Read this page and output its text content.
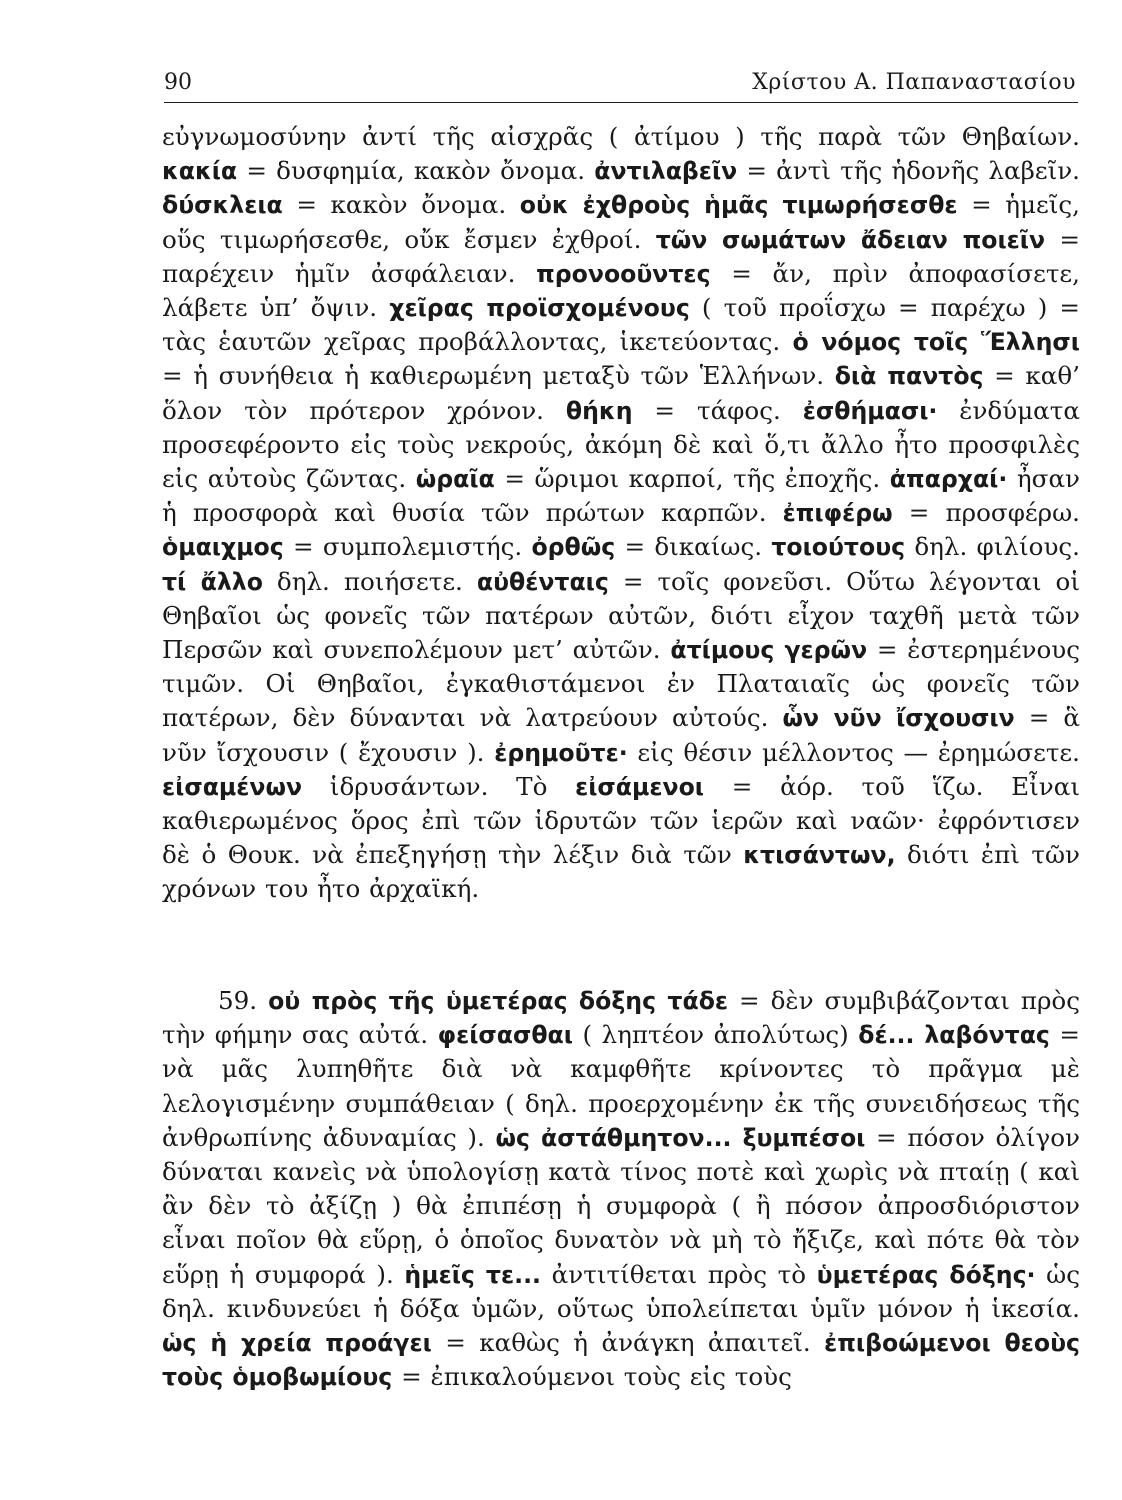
90	Χρίστου Α. Παπαναστασίου
εὐγνωμοσύνην ἀντί τῆς αἰσχρᾶς ( ἀτίμου ) τῆς παρὰ τῶν Θηβαίων. κακία = δυσφημία, κακὸν ὄνομα. ἀντιλαβεῖν = ἀντὶ τῆς ἡδονῆς λαβεῖν. δύσκλεια = κακὸν ὄνομα. οὐκ ἐχθροὺς ἡμᾶς τιμωρήσεσθε = ἡμεῖς, οὕς τιμωρήσεσθε, οὔκ ἔσμεν ἐχθροί. τῶν σωμάτων ἄδειαν ποιεῖν = παρέχειν ἡμῖν ἀσφάλειαν. προνοοῦντες = ἄν, πρὶν ἀποφασίσετε, λάβετε ὑπ’ ὄψιν. χεῖρας προϊσχομένους ( τοῦ προΐσχω = παρέχω ) = τὰς ἑαυτῶν χεῖρας προβάλλοντας, ἱκετεύοντας. ὁ νόμος τοῖς Ἕλλησι = ἡ συνήθεια ἡ καθιερωμένη μεταξὺ τῶν Ἑλλήνων. διὰ παντὸς = καθ’ ὅλον τὸν πρότερον χρόνον. θήκη = τάφος. ἐσθήμασι· ἐνδύματα προσεφέροντο εἰς τοὺς νεκρούς, ἀκόμη δὲ καὶ ὅ,τι ἄλλο ἦτο προσφιλὲς εἰς αὐτοὺς ζῶντας. ὡραῖα = ὥριμοι καρποί, τῆς ἐποχῆς. ἀπαρχαί· ἦσαν ἡ προσφορὰ καὶ θυσία τῶν πρώτων καρπῶν. ἐπιφέρω = προσφέρω. ὁμαιχμος = συμπολεμιστής. ὀρθῶς = δικαίως. τοιούτους δηλ. φιλίους. τί ἄλλο δηλ. ποιήσετε. αὐθένταις = τοῖς φονεῦσι. Οὕτω λέγονται οἱ Θηβαῖοι ὡς φονεῖς τῶν πατέρων αὐτῶν, διότι εἶχον ταχθῆ μετὰ τῶν Περσῶν καὶ συνεπολέμουν μετ’ αὐτῶν. ἀτίμους γερῶν = ἐστερημένους τιμῶν. Οἱ Θηβαῖοι, ἐγκαθιστάμενοι ἐν Πλαταιαῖς ὡς φονεῖς τῶν πατέρων, δὲν δύνανται νὰ λατρεύουν αὐτούς. ὧν νῦν ἴσχουσιν = ἃ νῦν ἴσχουσιν ( ἔχουσιν ). ἐρημοῦτε· εἰς θέσιν μέλλοντος — ἐρημώσετε. εἰσαμένων ἱδρυσάντων. Τὸ εἰσάμενοι = ἀόρ. τοῦ ἵζω. Εἶναι καθιερωμένος ὅρος ἐπὶ τῶν ἱδρυτῶν τῶν ἱερῶν καὶ ναῶν· ἐφρόντισεν δὲ ὁ Θουκ. νὰ ἐπεξηγήσῃ τὴν λέξιν διὰ τῶν κτισάντων, διότι ἐπὶ τῶν χρόνων του ἦτο ἀρχαϊκή.
59. οὐ πρὸς τῆς ὑμετέρας δόξης τάδε = δὲν συμβιβάζονται πρὸς τὴν φήμην σας αὐτά. φείσασθαι ( ληπτέον ἀπολύτως) δέ... λαβόντας = νὰ μᾶς λυπηθῆτε διὰ νὰ καμφθῆτε κρίνοντες τὸ πρᾶγμα μὲ λελογισμένην συμπάθειαν ( δηλ. προερχομένην ἐκ τῆς συνειδήσεως τῆς ἀνθρωπίνης ἀδυναμίας ). ὡς ἀστάθμητον... ξυμπέσοι = πόσον ὀλίγον δύναται κανεὶς νὰ ὑπολογίσῃ κατὰ τίνος ποτὲ καὶ χωρὶς νὰ πταίῃ ( καὶ ἂν δὲν τὸ ἀξίζῃ ) θὰ ἐπιπέσῃ ἡ συμφορὰ ( ἢ πόσον ἀπροσδιόριστον εἶναι ποῖον θὰ εὕρῃ, ὁ ὁποῖος δυνατὸν νὰ μὴ τὸ ἤξιζε, καὶ πότε θὰ τὸν εὕρῃ ἡ συμφορά ). ἡμεῖς τε... ἀντιτίθεται πρὸς τὸ ὑμετέρας δόξης· ὡς δηλ. κινδυνεύει ἡ δόξα ὑμῶν, οὕτως ὑπολείπεται ὑμῖν μόνον ἡ ἱκεσία. ὡς ἡ χρεία προάγει = καθὼς ἡ ἀνάγκη ἀπαιτεῖ. ἐπιβοώμενοι θεοὺς τοὺς ὁμοβωμίους = ἐπικαλούμενοι τοὺς εἰς τοὺς
